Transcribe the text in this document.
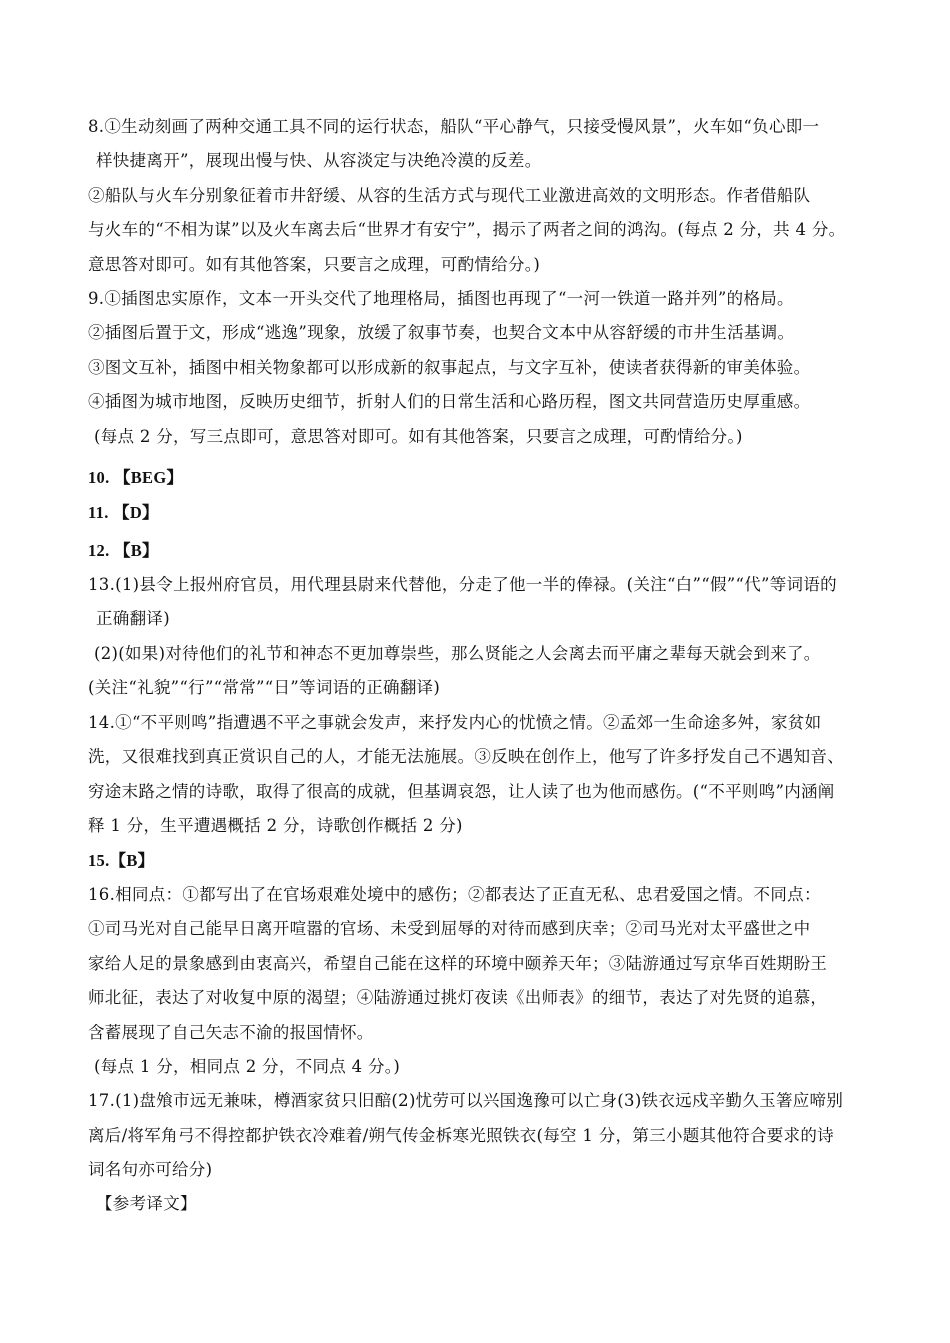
8.①生动刻画了两种交通工具不同的运行状态，船队“平心静气，只接受慢风景”，火车如“负心即一
样快捷离开”，展现出慢与快、从容淡定与决绝冷漠的反差。
②船队与火车分别象征着市井舒缓、从容的生活方式与现代工业激进高效的文明形态。作者借船队
与火车的“不相为谋”以及火车离去后“世界才有安宁”，揭示了两者之间的鸿沟。(每点 2 分，共 4 分。
意思答对即可。如有其他答案，只要言之成理，可酌情给分。)
9.①插图忠实原作，文本一开头交代了地理格局，插图也再现了“一河一铁道一路并列”的格局。
②插图后置于文，形成“逃逸”现象，放缓了叙事节奏，也契合文本中从容舒缓的市井生活基调。
③图文互补，插图中相关物象都可以形成新的叙事起点，与文字互补，使读者获得新的审美体验。
④插图为城市地图，反映历史细节，折射人们的日常生活和心路历程，图文共同营造历史厚重感。
(每点 2 分，写三点即可，意思答对即可。如有其他答案，只要言之成理，可酌情给分。)
10. 【BEG】
11. 【D】
12. 【B】
13.(1)县令上报州府官员，用代理县尉来代替他，分走了他一半的俸禄。(关注“白”“假”“代”等词语的
正确翻译)
(2)(如果)对待他们的礼节和神态不更加尊崇些，那么贤能之人会离去而平庸之辈每天就会到来了。
(关注“礼貌”“行”“常常”“日”等词语的正确翻译)
14.①“不平则鸣”指遭遇不平之事就会发声，来抒发内心的忧愤之情。②孟郊一生命途多舛，家贫如
洗，又很难找到真正赏识自己的人，才能无法施展。③反映在创作上，他写了许多抒发自己不遇知音、
穷途末路之情的诗歌，取得了很高的成就，但基调哀怨，让人读了也为他而感伤。(“不平则鸣”内涵阐
释 1 分，生平遭遇概括 2 分，诗歌创作概括 2 分)
15.【B】
16.相同点：①都写出了在官场艰难处境中的感伤；②都表达了正直无私、忠君爱国之情。不同点：
①司马光对自己能早日离开喧嚣的官场、未受到屈辱的对待而感到庆幸；②司马光对太平盛世之中
家给人足的景象感到由衷高兴，希望自己能在这样的环境中颐养天年；③陆游通过写京华百姓期盼王
师北征，表达了对收复中原的渴望；④陆游通过挑灯夜读《出师表》的细节，表达了对先贤的追慕，
含蓄展现了自己矢志不渝的报国情怀。
(每点 1 分，相同点 2 分，不同点 4 分。)
17.(1)盘飧市远无兼味，樽酒家贫只旧醅(2)忧劳可以兴国逸豫可以亡身(3)铁衣远戍辛勤久玉箸应啼别
离后/将军角弓不得控都护铁衣冷难着/朔气传金柝寒光照铁衣(每空 1 分，第三小题其他符合要求的诗
词名句亦可给分)
【参考译文】
